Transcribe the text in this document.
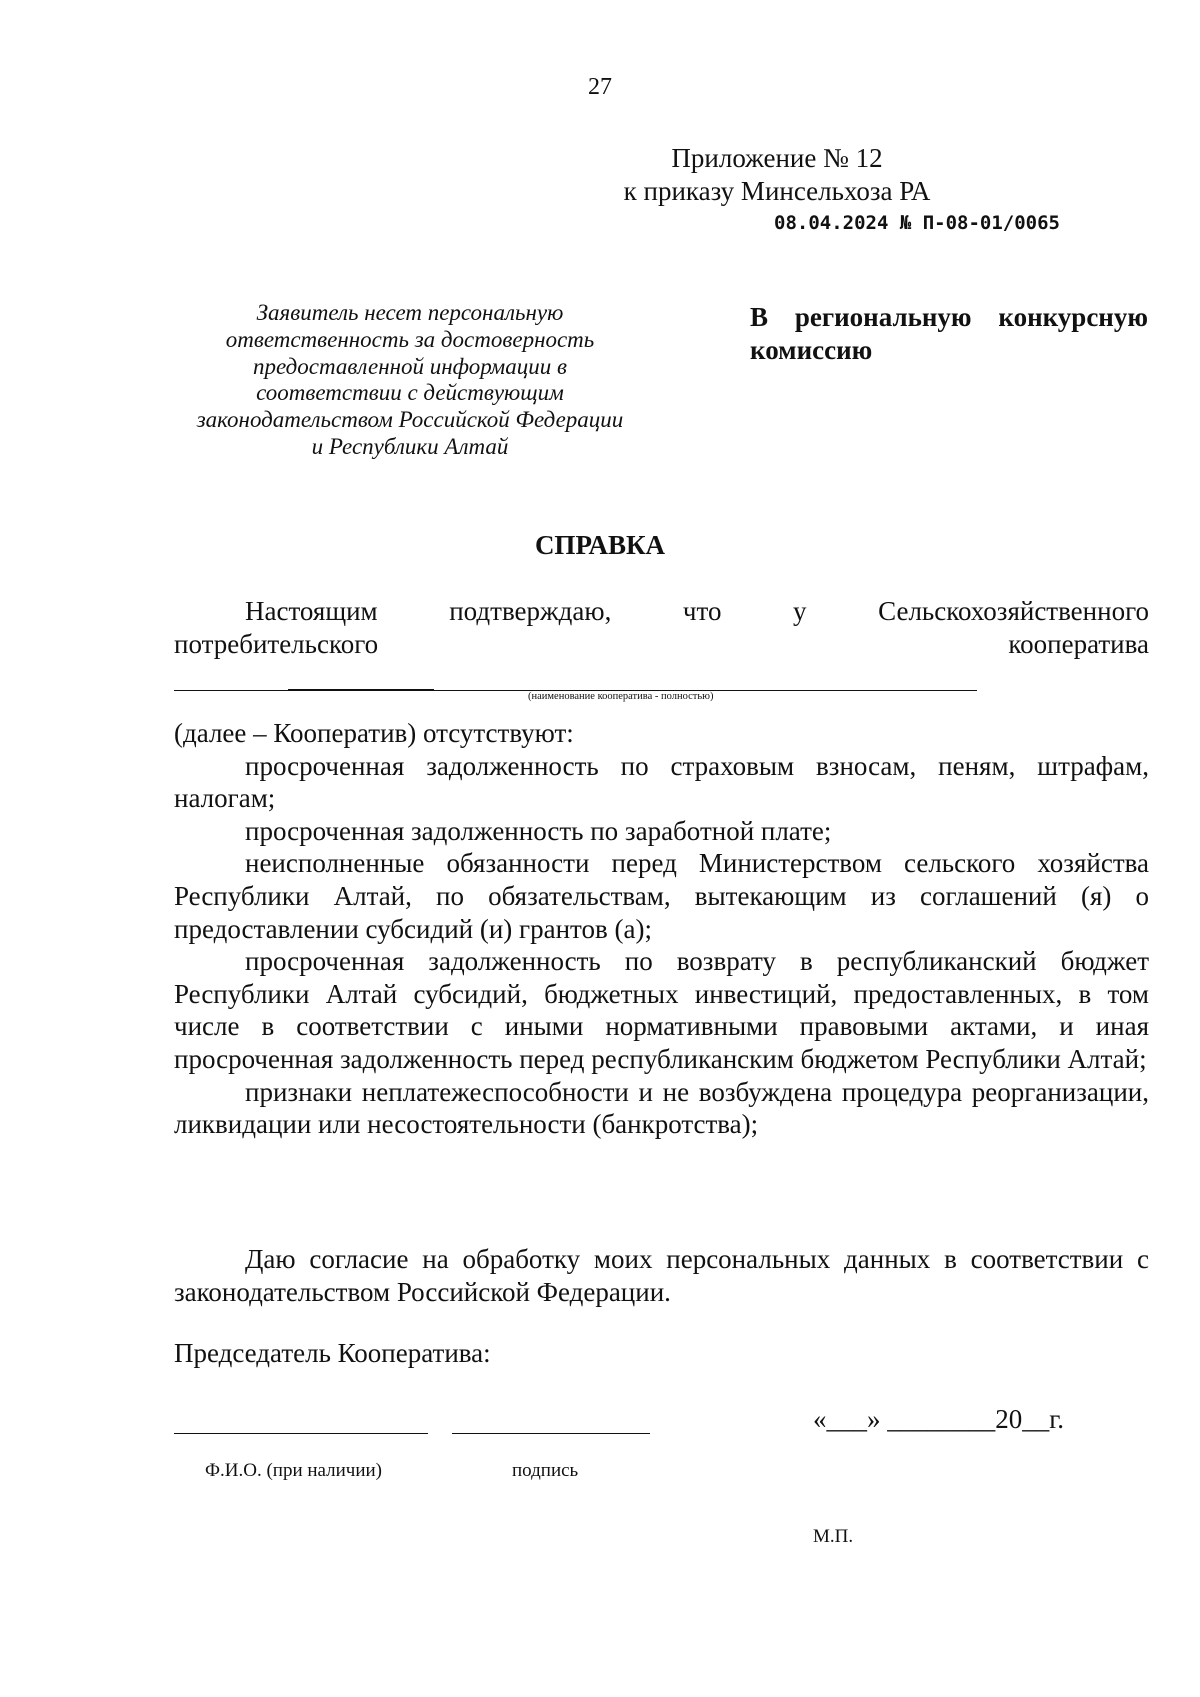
27
Приложение № 12
к приказу Минсельхоза РА
08.04.2024 № П-08-01/0065
Заявитель несет персональную
ответственность за достоверность
предоставленной информации в
соответствии с действующим
законодательством Российской Федерации
и Республики Алтай
В региональную конкурсную
комиссию
СПРАВКА
Настоящим	подтверждаю,	что	у	Сельскохозяйственного
потребительского	кооператива
(наименование кооператива - полностью)

(далее – Кооператив) отсутствуют:

просроченная задолженность по страховым взносам, пеням, штрафам, налогам;

просроченная задолженность по заработной плате;

неисполненные обязанности перед Министерством сельского хозяйства Республики Алтай, по обязательствам, вытекающим из соглашений (я) о предоставлении субсидий (и) грантов (а);

просроченная задолженность по возврату в республиканский бюджет Республики Алтай субсидий, бюджетных инвестиций, предоставленных, в том числе в соответствии с иными нормативными правовыми актами, и иная просроченная задолженность перед республиканским бюджетом Республики Алтай;

признаки неплатежеспособности и не возбуждена процедура реорганизации, ликвидации или несостоятельности (банкротства);

Даю согласие на обработку моих персональных данных в соответствии с законодательством Российской Федерации.

Председатель Кооператива:
«___» ________20__г.
Ф.И.О. (при наличии)	подпись
М.П.
